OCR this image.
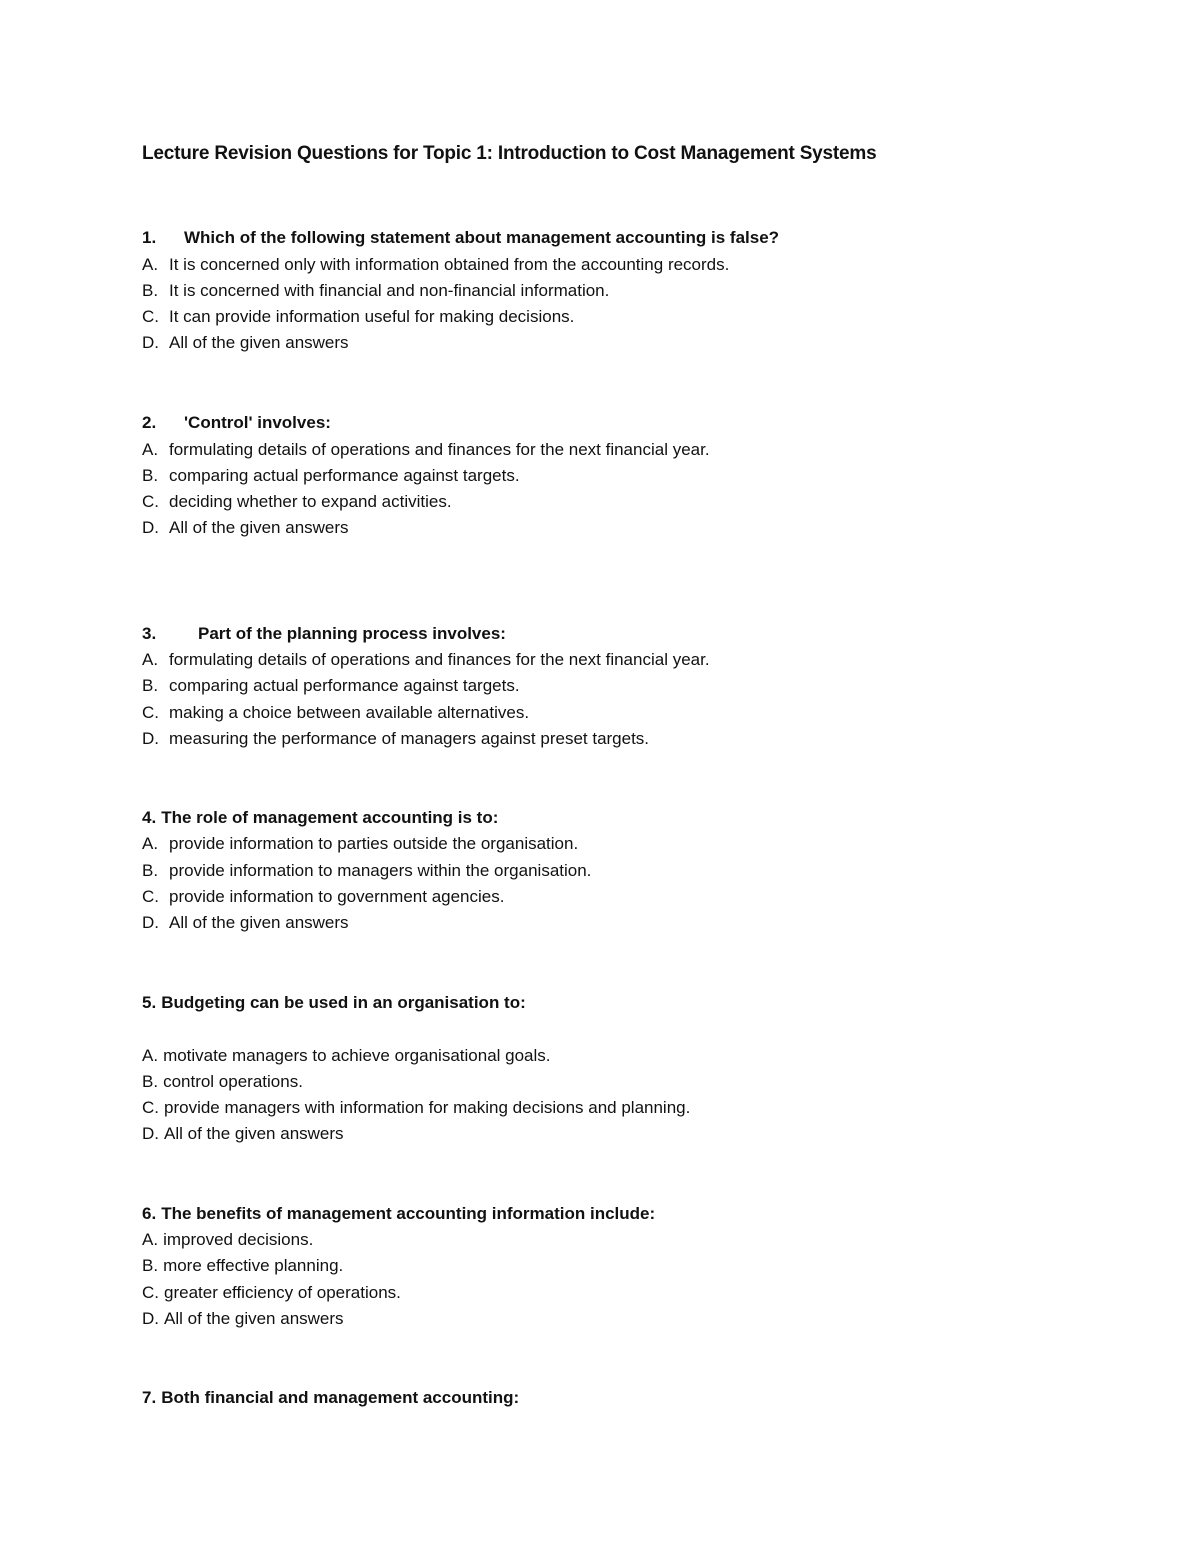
Lecture Revision Questions for Topic 1: Introduction to Cost Management Systems
1. Which of the following statement about management accounting is false?
A. It is concerned only with information obtained from the accounting records.
B. It is concerned with financial and non-financial information.
C. It can provide information useful for making decisions.
D. All of the given answers
2. 'Control' involves:
A. formulating details of operations and finances for the next financial year.
B. comparing actual performance against targets.
C. deciding whether to expand activities.
D. All of the given answers
3. Part of the planning process involves:
A. formulating details of operations and finances for the next financial year.
B. comparing actual performance against targets.
C. making a choice between available alternatives.
D. measuring the performance of managers against preset targets.
4. The role of management accounting is to:
A. provide information to parties outside the organisation.
B. provide information to managers within the organisation.
C. provide information to government agencies.
D. All of the given answers
5. Budgeting can be used in an organisation to:
A. motivate managers to achieve organisational goals.
B. control operations.
C. provide managers with information for making decisions and planning.
D. All of the given answers
6. The benefits of management accounting information include:
A. improved decisions.
B. more effective planning.
C. greater efficiency of operations.
D. All of the given answers
7. Both financial and management accounting:
